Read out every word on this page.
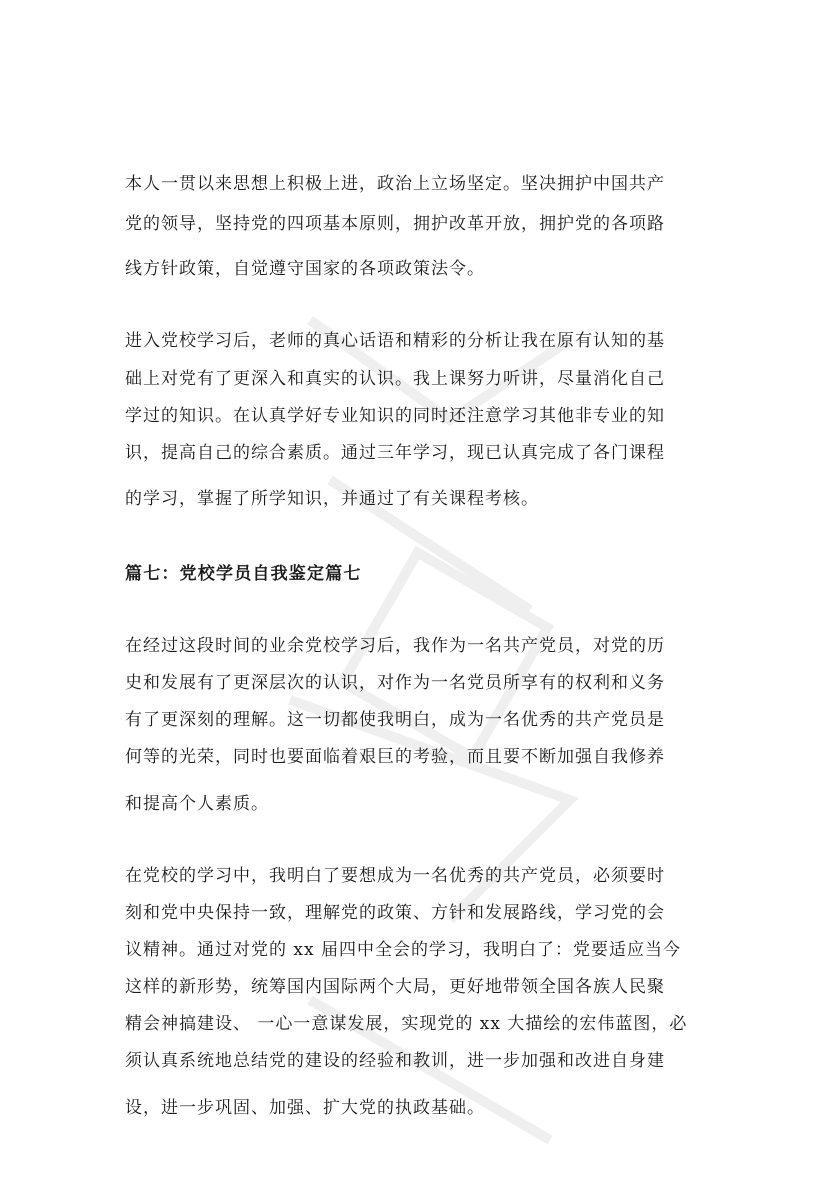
本人一贯以来思想上积极上进，政治上立场坚定。坚决拥护中国共产

党的领导，坚持党的四项基本原则，拥护改革开放，拥护党的各项路

线方针政策，自觉遵守国家的各项政策法令。

进入党校学习后，老师的真心话语和精彩的分析让我在原有认知的基

础上对党有了更深入和真实的认识。我上课努力听讲，尽量消化自己

学过的知识。在认真学好专业知识的同时还注意学习其他非专业的知

识，提高自己的综合素质。通过三年学习，现已认真完成了各门课程

的学习，掌握了所学知识，并通过了有关课程考核。

篇七：党校学员自我鉴定篇七

在经过这段时间的业余党校学习后，我作为一名共产党员，对党的历

史和发展有了更深层次的认识，对作为一名党员所享有的权利和义务

有了更深刻的理解。这一切都使我明白，成为一名优秀的共产党员是

何等的光荣，同时也要面临着艰巨的考验，而且要不断加强自我修养

和提高个人素质。

在党校的学习中，我明白了要想成为一名优秀的共产党员，必须要时

刻和党中央保持一致，理解党的政策、方针和发展路线，学习党的会

议精神。通过对党的 xx 届四中全会的学习，我明白了：党要适应当今

这样的新形势，统筹国内国际两个大局，更好地带领全国各族人民聚

精会神搞建设、 一心一意谋发展，实现党的 xx 大描绘的宏伟蓝图，必

须认真系统地总结党的建设的经验和教训，进一步加强和改进自身建

设，进一步巩固、加强、扩大党的执政基础。
